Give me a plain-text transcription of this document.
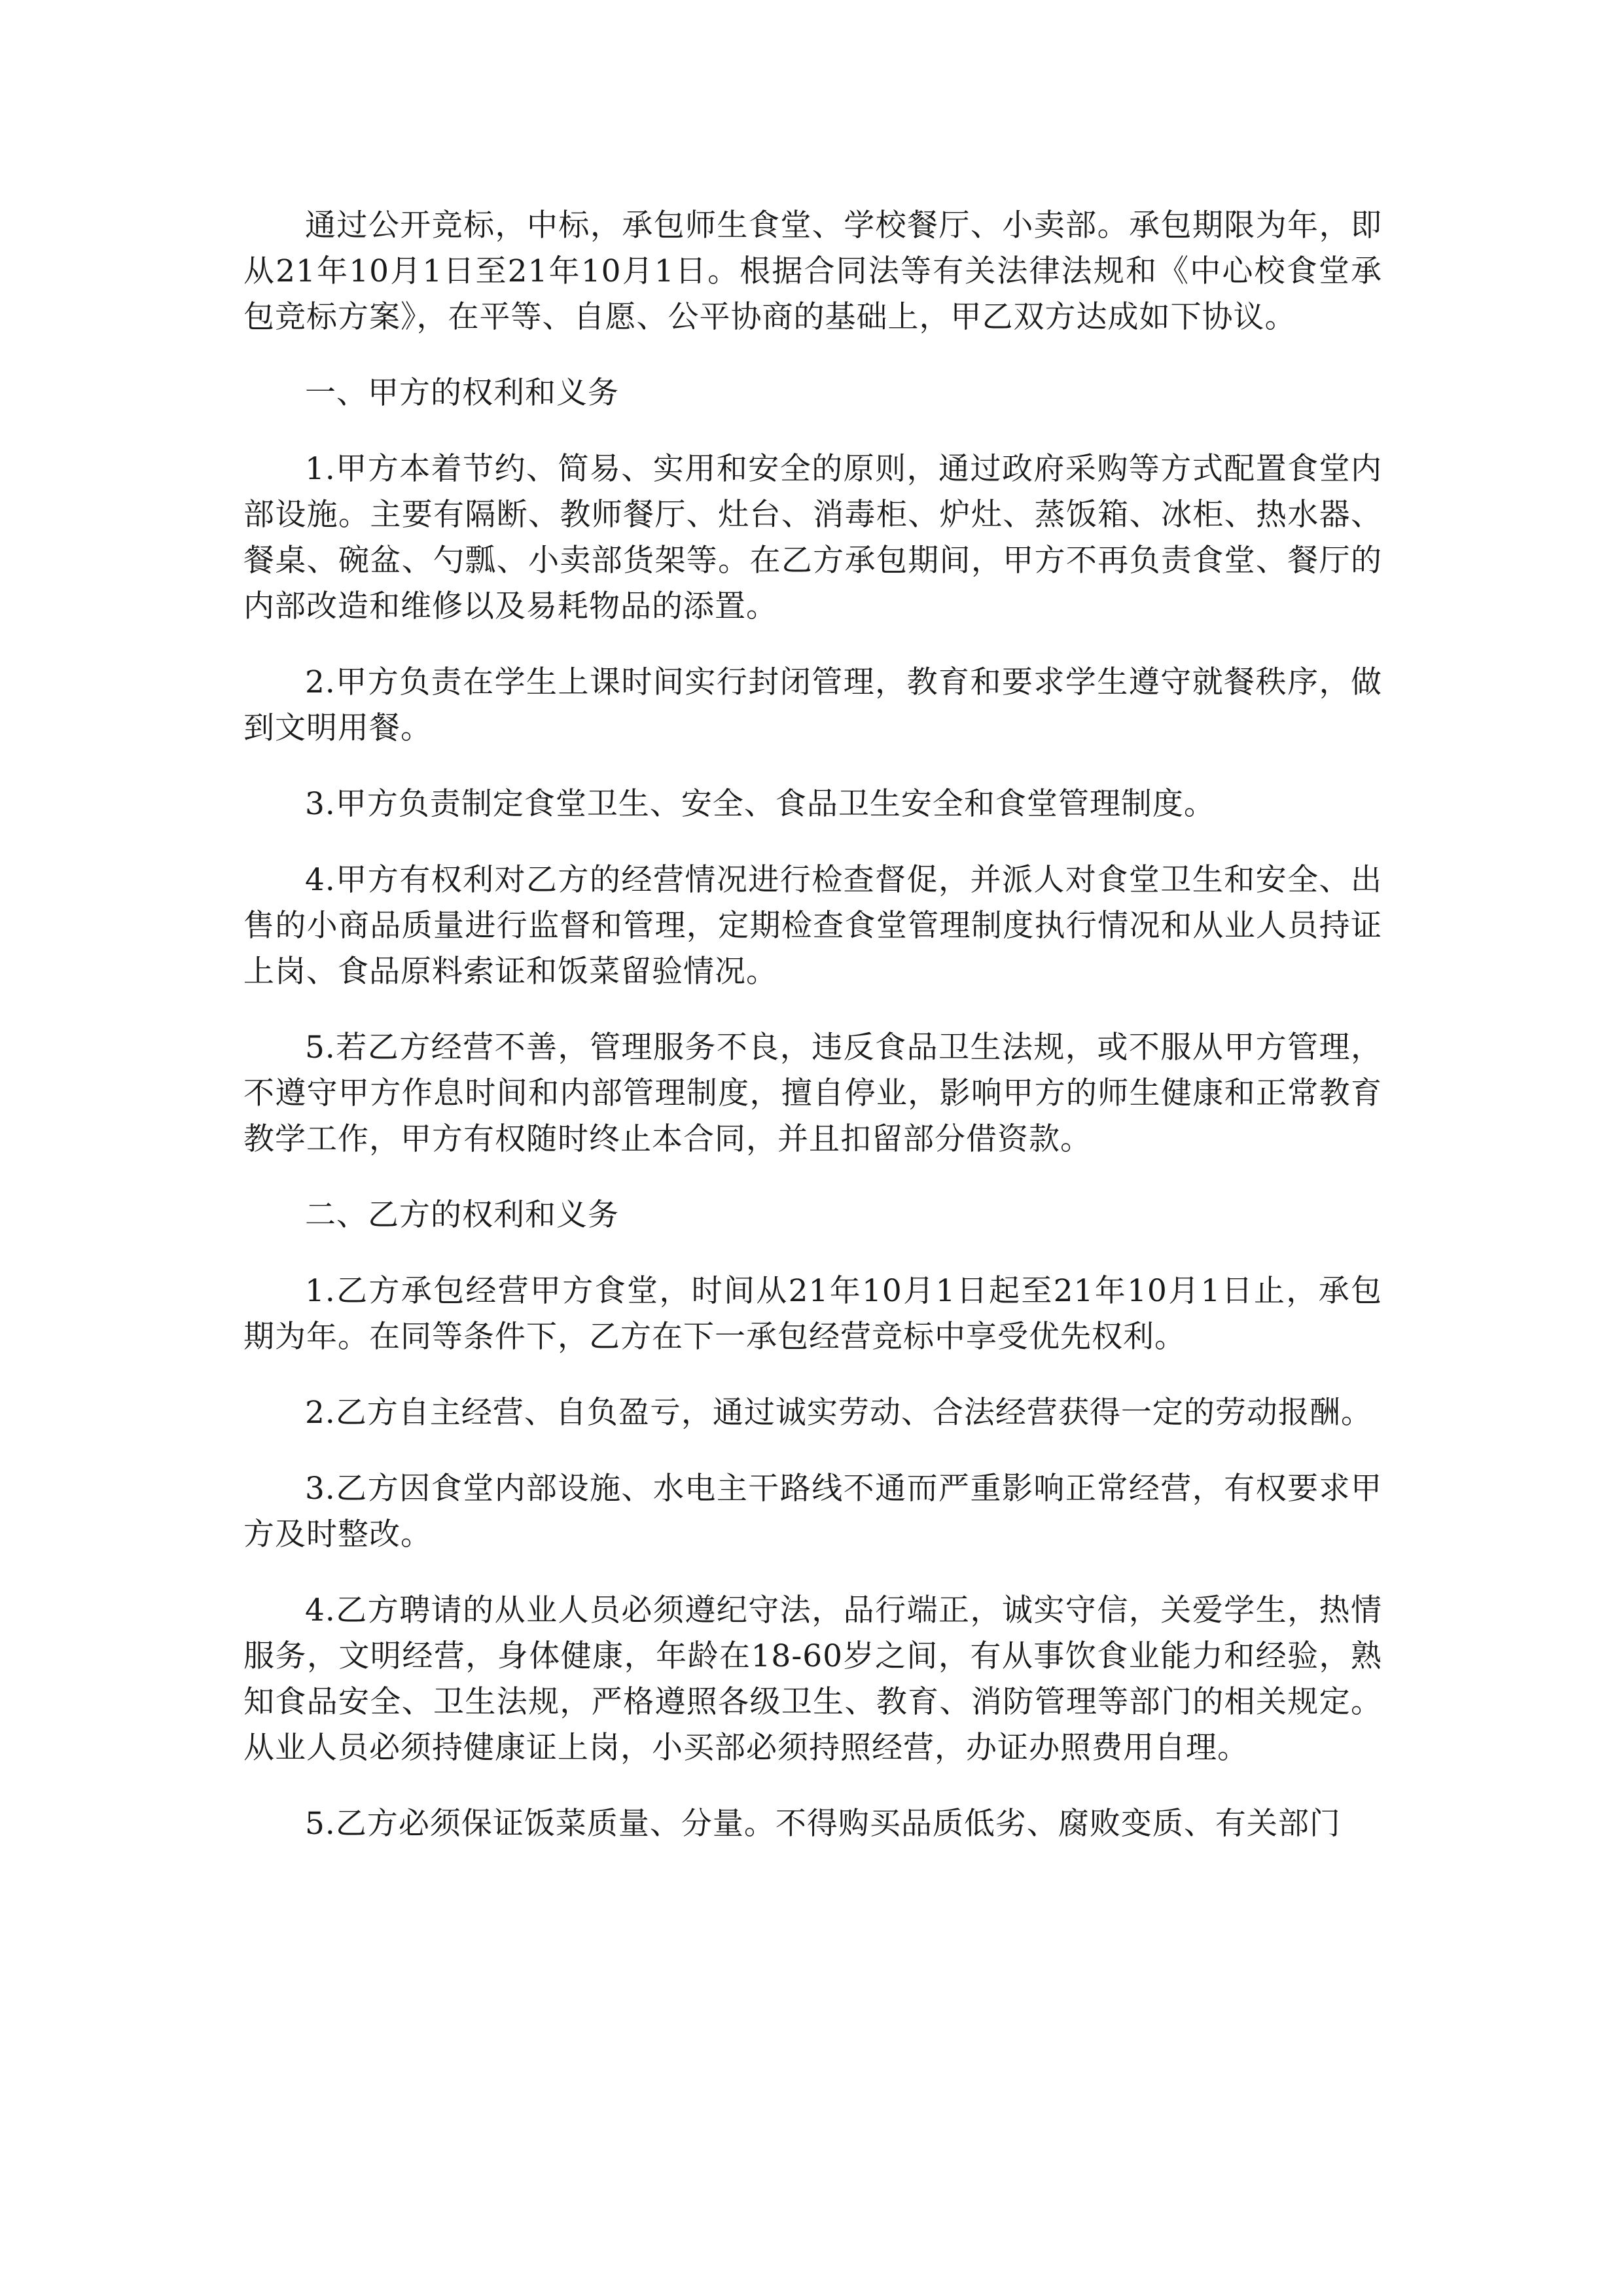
通过公开竞标，中标，承包师生食堂、学校餐厅、小卖部。承包期限为年，即从21年10月1日至21年10月1日。根据合同法等有关法律法规和《中心校食堂承包竞标方案》，在平等、自愿、公平协商的基础上，甲乙双方达成如下协议。

一、甲方的权利和义务

1.甲方本着节约、简易、实用和安全的原则，通过政府采购等方式配置食堂内部设施。主要有隔断、教师餐厅、灶台、消毒柜、炉灶、蒸饭箱、冰柜、热水器、餐桌、碗盆、勺瓢、小卖部货架等。在乙方承包期间，甲方不再负责食堂、餐厅的内部改造和维修以及易耗物品的添置。

2.甲方负责在学生上课时间实行封闭管理，教育和要求学生遵守就餐秩序，做到文明用餐。

3.甲方负责制定食堂卫生、安全、食品卫生安全和食堂管理制度。

4.甲方有权利对乙方的经营情况进行检查督促，并派人对食堂卫生和安全、出售的小商品质量进行监督和管理，定期检查食堂管理制度执行情况和从业人员持证上岗、食品原料索证和饭菜留验情况。

5.若乙方经营不善，管理服务不良，违反食品卫生法规，或不服从甲方管理，不遵守甲方作息时间和内部管理制度，擅自停业，影响甲方的师生健康和正常教育教学工作，甲方有权随时终止本合同，并且扣留部分借资款。

二、乙方的权利和义务

1.乙方承包经营甲方食堂，时间从21年10月1日起至21年10月1日止，承包期为年。在同等条件下，乙方在下一承包经营竞标中享受优先权利。

2.乙方自主经营、自负盈亏，通过诚实劳动、合法经营获得一定的劳动报酬。

3.乙方因食堂内部设施、水电主干路线不通而严重影响正常经营，有权要求甲方及时整改。

4.乙方聘请的从业人员必须遵纪守法，品行端正，诚实守信，关爱学生，热情服务，文明经营，身体健康，年龄在18-60岁之间，有从事饮食业能力和经验，熟知食品安全、卫生法规，严格遵照各级卫生、教育、消防管理等部门的相关规定。从业人员必须持健康证上岗，小买部必须持照经营，办证办照费用自理。

5.乙方必须保证饭菜质量、分量。不得购买品质低劣、腐败变质、有关部门
